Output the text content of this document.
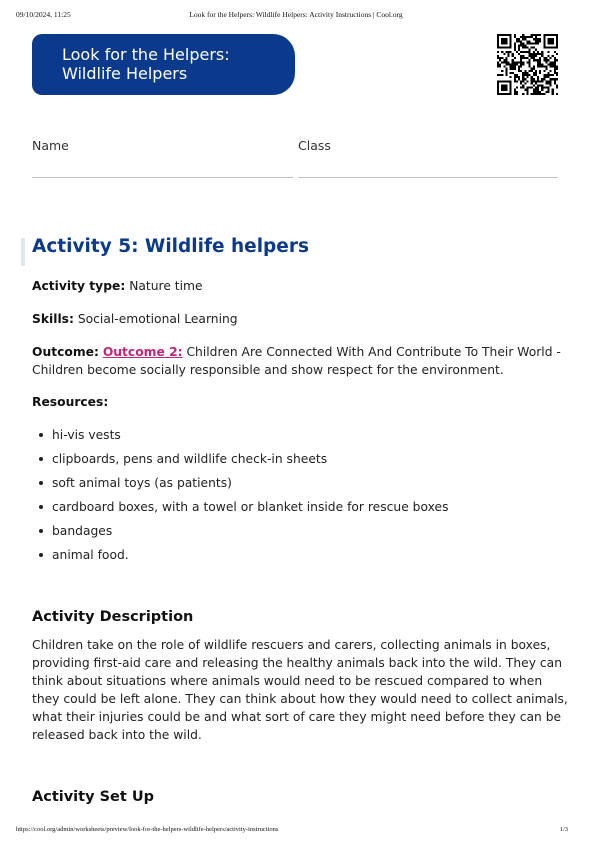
09/10/2024, 11:25	Look for the Helpers: Wildlife Helpers: Activity Instructions | Cool.org
Look for the Helpers:
Wildlife Helpers
Name	Class
Activity 5: Wildlife helpers
Activity type: Nature time
Skills: Social-emotional Learning
Outcome: Outcome 2: Children Are Connected With And Contribute To Their World -
Children become socially responsible and show respect for the environment.
Resources:
hi-vis vests
clipboards, pens and wildlife check-in sheets
soft animal toys (as patients)
cardboard boxes, with a towel or blanket inside for rescue boxes
bandages
animal food.
Activity Description
Children take on the role of wildlife rescuers and carers, collecting animals in boxes,
providing first-aid care and releasing the healthy animals back into the wild. They can
think about situations where animals would need to be rescued compared to when
they could be left alone. They can think about how they would need to collect animals,
what their injuries could be and what sort of care they might need before they can be
released back into the wild.
Activity Set Up
https://cool.org/admin/worksheets/preview/look-for-the-helpers-wildlife-helpers/activity-instructions	1/3
